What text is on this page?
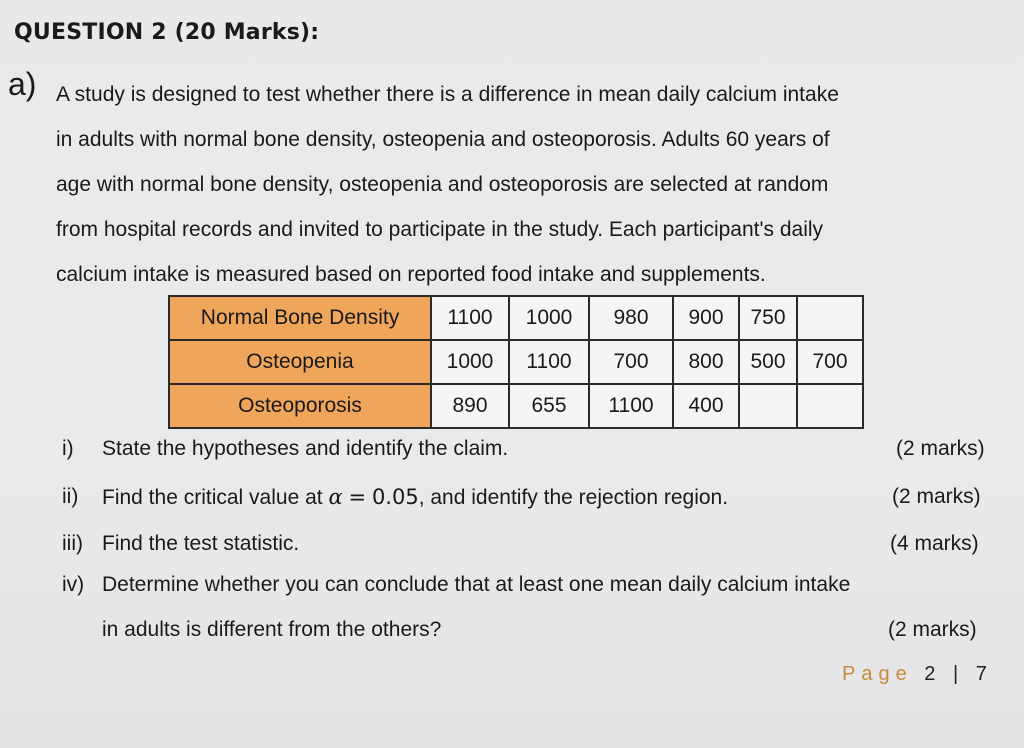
QUESTION 2 (20 Marks):
a) A study is designed to test whether there is a difference in mean daily calcium intake
in adults with normal bone density, osteopenia and osteoporosis. Adults 60 years of
age with normal bone density, osteopenia and osteoporosis are selected at random
from hospital records and invited to participate in the study. Each participant's daily
calcium intake is measured based on reported food intake and supplements.
Normal Bone Density	1100	1000	980	900	750	
Osteopenia	1000	1100	700	800	500	700
Osteoporosis	890	655	1100	400		
i) State the hypotheses and identify the claim.	(2 marks)
ii) Find the critical value at α = 0.05, and identify the rejection region.	(2 marks)
iii) Find the test statistic.	(4 marks)
iv) Determine whether you can conclude that at least one mean daily calcium intake
in adults is different from the others?	(2 marks)
Page 2 | 7
